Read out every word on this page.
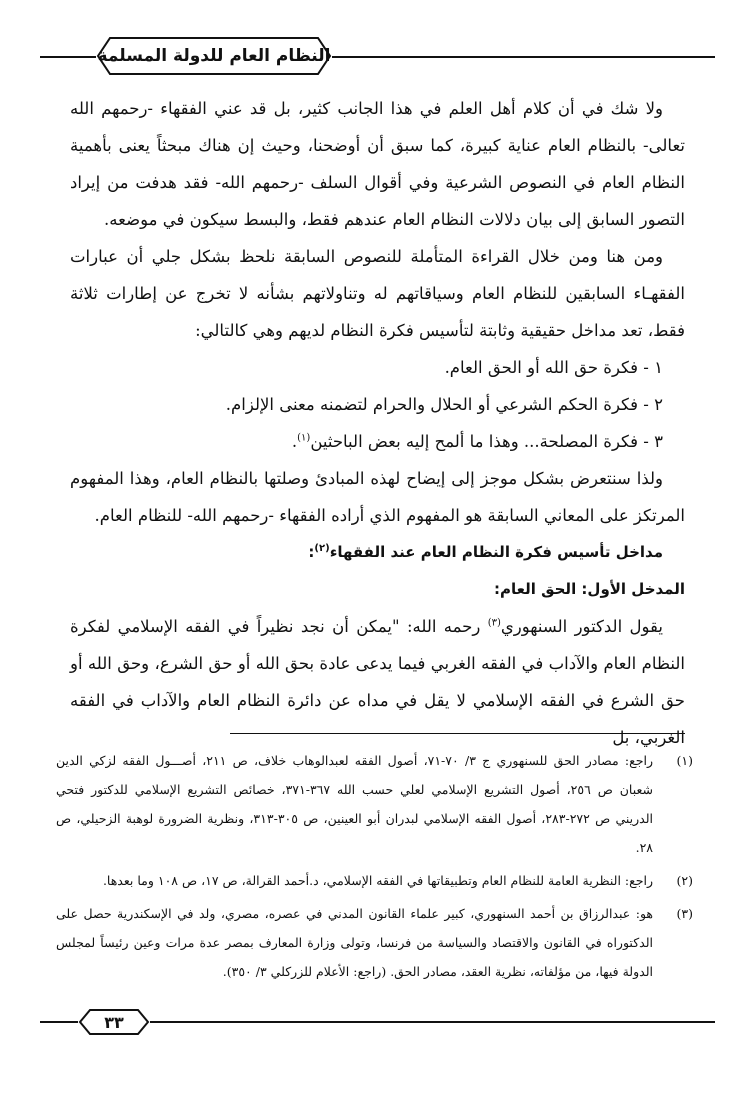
النظام العام للدولة المسلمة

ولا شك في أن كلام أهل العلم في هذا الجانب كثير، بل قد عني الفقهاء -رحمهم الله تعالى- بالنظام العام عناية كبيرة، كما سبق أن أوضحنا، وحيث إن هناك مبحثاً يعنى بأهمية النظام العام في النصوص الشرعية وفي أقوال السلف -رحمهم الله- فقد هدفت من إيراد التصور السابق إلى بيان دلالات النظام العام عندهم فقط، والبسط سيكون في موضعه.

ومن هنا ومن خلال القراءة المتأملة للنصوص السابقة نلحظ بشكل جلي أن عبارات الفقهـاء السابقين للنظام العام وسياقاتهم له وتناولاتهم بشأنه لا تخرج عن إطارات ثلاثة فقط، تعد مداخل حقيقية وثابتة لتأسيس فكرة النظام لديهم وهي كالتالي:

١ - فكرة حق الله أو الحق العام.
٢ - فكرة الحكم الشرعي أو الحلال والحرام لتضمنه معنى الإلزام.
٣ - فكرة المصلحة... وهذا ما ألمح إليه بعض الباحثين$^{(١)}$.

ولذا سنتعرض بشكل موجز إلى إيضاح لهذه المبادئ وصلتها بالنظام العام، وهذا المفهوم المرتكز على المعاني السابقة هو المفهوم الذي أراده الفقهاء -رحمهم الله- للنظام العام.

مداخل تأسيس فكرة النظام العام عند الفقهاء$^{(٢)}$:

المدخل الأول: الحق العام:

يقول الدكتور السنهوري$^{(٣)}$ رحمه الله: "يمكن أن نجد نظيراً في الفقه الإسلامي لفكرة النظام العام والآداب في الفقه الغربي فيما يدعى عادة بحق الله أو حق الشرع، وحق الله أو حق الشرع في الفقه الإسلامي لا يقل في مداه عن دائرة النظام العام والآداب في الفقه الغربي، بل

(١)
راجع: مصادر الحق للسنهوري ج ٣/ ٧٠-٧١، أصول الفقه لعبدالوهاب خلاف، ص ٢١١، أصـــول الفقه لزكي الدين شعبان ص ٢٥٦، أصول التشريع الإسلامي لعلي حسب الله ٣٦٧-٣٧١، خصائص التشريع الإسلامي للدكتور فتحي الدريني ص ٢٧٢-٢٨٣، أصول الفقه الإسلامي لبدران أبو العينين، ص ٣٠٥-٣١٣، ونظرية الضرورة لوهبة الزحيلي، ص ٢٨.
(٢)
راجع: النظرية العامة للنظام العام وتطبيقاتها في الفقه الإسلامي، د.أحمد القرالة، ص ١٧، ص ١٠٨ وما بعدها.
(٣)
هو: عبدالرزاق بن أحمد السنهوري، كبير علماء القانون المدني في عصره، مصري، ولد في الإسكندرية حصل على الدكتوراه في القانون والاقتصاد والسياسة من فرنسا، وتولى وزارة المعارف بمصر عدة مرات وعين رئيساً لمجلس الدولة فيها، من مؤلفاته، نظرية العقد، مصادر الحق. (راجع: الأعلام للزركلي ٣/ ٣٥٠).
٣٣
